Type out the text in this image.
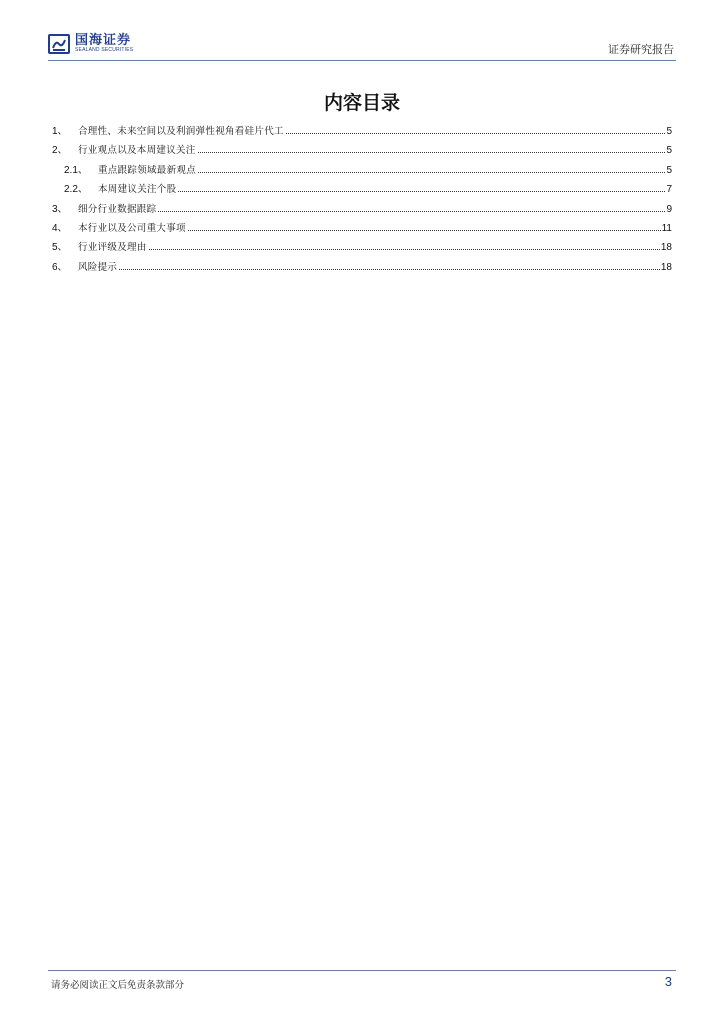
国海证券
SEALAND SECURITIES	证券研究报告
内容目录
1、	合理性、未来空间以及利润弹性视角看硅片代工	5
2、	行业观点以及本周建议关注	5
2.1、	重点跟踪领域最新观点	5
2.2、	本周建议关注个股	7
3、	细分行业数据跟踪	9
4、	本行业以及公司重大事项	11
5、	行业评级及理由	18
6、	风险提示	18
请务必阅读正文后免责条款部分	3
